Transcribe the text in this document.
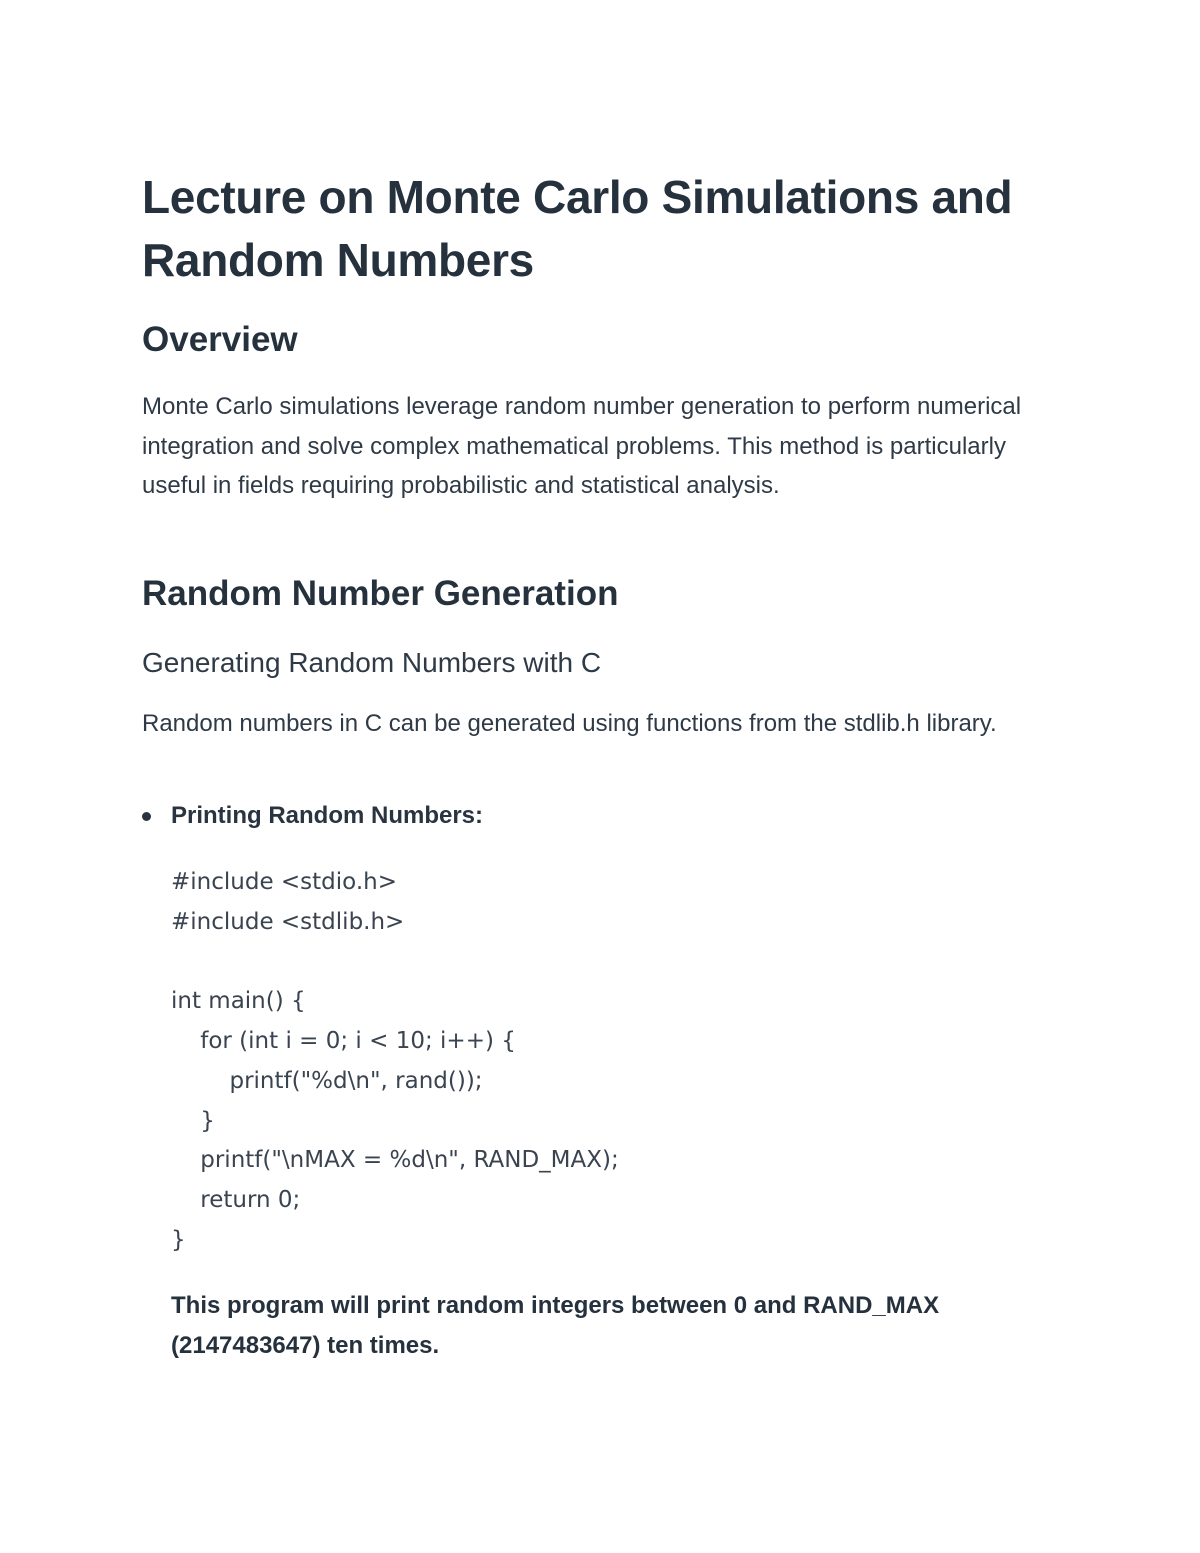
Lecture on Monte Carlo Simulations and Random Numbers
Overview

Monte Carlo simulations leverage random number generation to perform numerical integration and solve complex mathematical problems. This method is particularly useful in fields requiring probabilistic and statistical analysis.

Random Number Generation
Generating Random Numbers with C

Random numbers in C can be generated using functions from the stdlib.h library.

Printing Random Numbers:
#include <stdio.h>
#include <stdlib.h>
int main() {
for (int i = 0; i < 10; i++) {
printf("%d\n", rand());
}
printf("\nMAX = %d\n", RAND_MAX);
return 0;
}

This program will print random integers between 0 and RAND_MAX (2147483647) ten times.
